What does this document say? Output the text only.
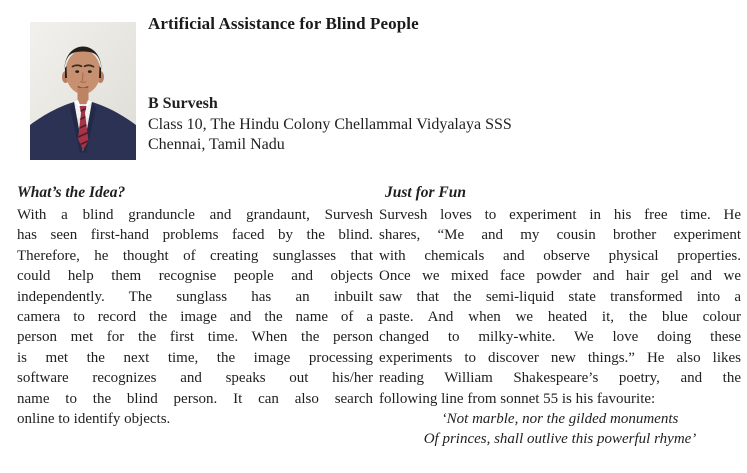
Artificial Assistance for Blind People
B Survesh
Class 10, The Hindu Colony Chellammal Vidyalaya SSS
Chennai, Tamil Nadu
What’s the Idea?
With a blind granduncle and grandaunt, Survesh
has seen first-hand problems faced by the blind.
Therefore, he thought of creating sunglasses that
could help them recognise people and objects
independently. The sunglass has an inbuilt
camera to record the image and the name of a
person met for the first time. When the person
is met the next time, the image processing
software recognizes and speaks out his/her
name to the blind person. It can also search
online to identify objects.
Just for Fun
Survesh loves to experiment in his free time. He
shares, “Me and my cousin brother experiment
with chemicals and observe physical properties.
Once we mixed face powder and hair gel and we
saw that the semi-liquid state transformed into a
paste. And when we heated it, the blue colour
changed to milky-white. We love doing these
experiments to discover new things.” He also likes
reading William Shakespeare’s poetry, and the
following line from sonnet 55 is his favourite:
‘Not marble, nor the gilded monuments
Of princes, shall outlive this powerful rhyme’
